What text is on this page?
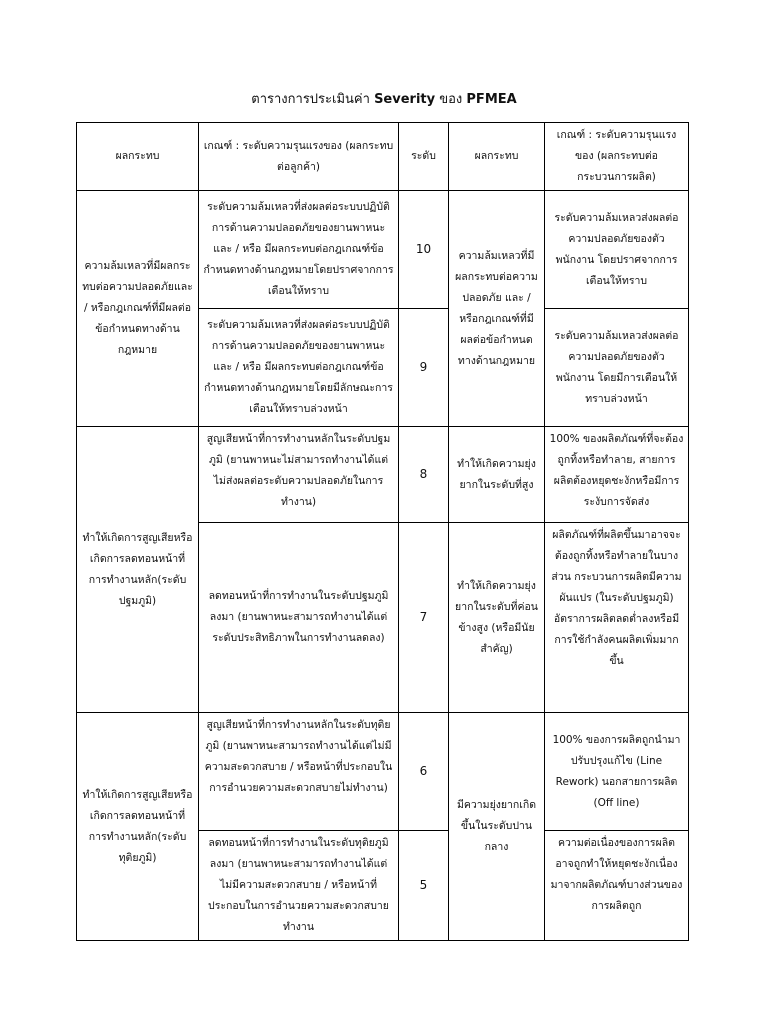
ตารางการประเมินค่า Severity ของ PFMEA
ผลกระทบ	เกณฑ์ : ระดับความรุนแรงของ (ผลกระทบต่อลูกค้า)	ระดับ	ผลกระทบ	เกณฑ์ : ระดับความรุนแรงของ (ผลกระทบต่อกระบวนการผลิต)
ความล้มเหลวที่มีผลกระทบต่อความปลอดภัยและ / หรือกฎเกณฑ์ที่มีผลต่อข้อกำหนดทางด้านกฎหมาย	ระดับความล้มเหลวที่ส่งผลต่อระบบปฏิบัติการด้านความปลอดภัยของยานพาหนะ และ / หรือ มีผลกระทบต่อกฎเกณฑ์ข้อกำหนดทางด้านกฎหมายโดยปราศจากการเตือนให้ทราบ	10	ความล้มเหลวที่มีผลกระทบต่อความปลอดภัย และ / หรือกฎเกณฑ์ที่มีผลต่อข้อกำหนดทางด้านกฎหมาย	ระดับความล้มเหลวส่งผลต่อความปลอดภัยของตัวพนักงาน โดยปราศจากการเตือนให้ทราบ
	ระดับความล้มเหลวที่ส่งผลต่อระบบปฏิบัติการด้านความปลอดภัยของยานพาหนะ และ / หรือ มีผลกระทบต่อกฎเกณฑ์ข้อกำหนดทางด้านกฎหมายโดยมีลักษณะการเตือนให้ทราบล่วงหน้า	9		ระดับความล้มเหลวส่งผลต่อความปลอดภัยของตัวพนักงาน โดยมีการเตือนให้ทราบล่วงหน้า
ทำให้เกิดการสูญเสียหรือเกิดการลดทอนหน้าที่การทำงานหลัก(ระดับปฐมภูมิ)	สูญเสียหน้าที่การทำงานหลักในระดับปฐมภูมิ (ยานพาหนะไม่สามารถทำงานได้แต่ไม่ส่งผลต่อระดับความปลอดภัยในการทำงาน)	8	ทำให้เกิดความยุ่งยากในระดับที่สูง	100% ของผลิตภัณฑ์ที่จะต้องถูกทิ้งหรือทำลาย, สายการผลิตต้องหยุดชะงักหรือมีการระงับการจัดส่ง
	ลดทอนหน้าที่การทำงานในระดับปฐมภูมิลงมา (ยานพาหนะสามารถทำงานได้แต่ระดับประสิทธิภาพในการทำงานลดลง)	7	ทำให้เกิดความยุ่งยากในระดับที่ค่อนข้างสูง (หรือมีนัยสำคัญ)	ผลิตภัณฑ์ที่ผลิตขึ้นมาอาจจะต้องถูกทิ้งหรือทำลายในบางส่วน กระบวนการผลิตมีความผันแปร (ในระดับปฐมภูมิ) อัตราการผลิตลดต่ำลงหรือมีการใช้กำลังคนผลิตเพิ่มมากขึ้น
ทำให้เกิดการสูญเสียหรือเกิดการลดทอนหน้าที่การทำงานหลัก(ระดับทุติยภูมิ)	สูญเสียหน้าที่การทำงานหลักในระดับทุติยภูมิ (ยานพาหนะสามารถทำงานได้แต่ไม่มีความสะดวกสบาย / หรือหน้าที่ประกอบในการอำนวยความสะดวกสบายไม่ทำงาน)	6	มีความยุ่งยากเกิดขึ้นในระดับปานกลาง	100% ของการผลิตถูกนำมาปรับปรุงแก้ไข (Line Rework) นอกสายการผลิต (Off line)
	ลดทอนหน้าที่การทำงานในระดับทุติยภูมิลงมา (ยานพาหนะสามารถทำงานได้แต่ไม่มีความสะดวกสบาย / หรือหน้าที่ประกอบในการอำนวยความสะดวกสบายทำงาน	5		ความต่อเนื่องของการผลิตอาจถูกทำให้หยุดชะงักเนื่องมาจากผลิตภัณฑ์บางส่วนของการผลิตถูก
